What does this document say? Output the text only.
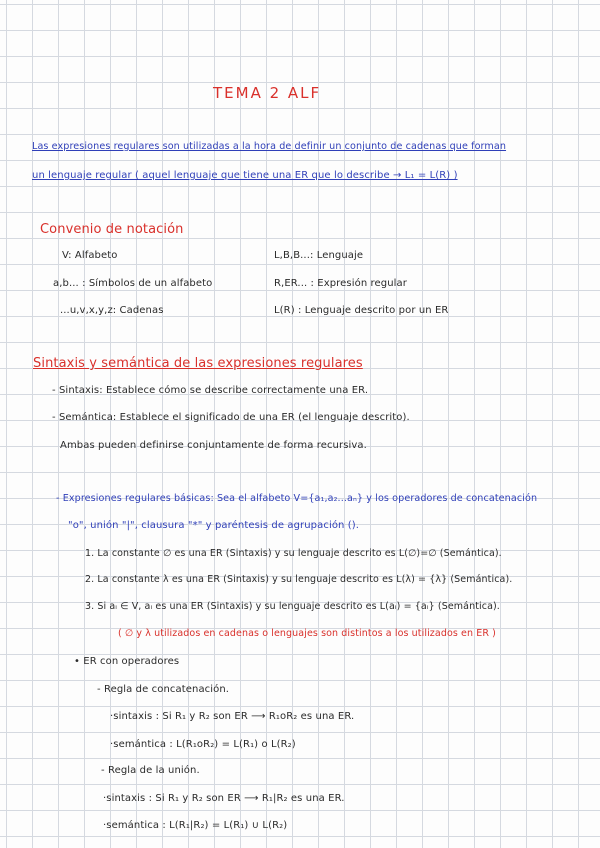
TEMA 2 ALF
Las expresiones regulares son utilizadas a la hora de definir un conjunto de cadenas que forman
un lenguaje regular ( aquel lenguaje que tiene una ER que lo describe → L₁ = L(R) )
Convenio de notación
V: Alfabeto	L,B,B...: Lenguaje
a,b... : Símbolos de un alfabeto	R,ER... : Expresión regular
...u,v,x,y,z: Cadenas	L(R) : Lenguaje descrito por un ER
Sintaxis y semántica de las expresiones regulares
- Sintaxis: Establece cómo se describe correctamente una ER.
- Semántica: Establece el significado de una ER (el lenguaje descrito).
Ambas pueden definirse conjuntamente de forma recursiva.
- Expresiones regulares básicas: Sea el alfabeto V={a₁,a₂...aₙ} y los operadores de concatenación
"o", unión "|", clausura "*" y paréntesis de agrupación ().
1. La constante ∅ es una ER (Sintaxis) y su lenguaje descrito es L(∅)=∅ (Semántica).
2. La constante λ es una ER (Sintaxis) y su lenguaje descrito es L(λ) = {λ} (Semántica).
3. Si aᵢ ∈ V, aᵢ es una ER (Sintaxis) y su lenguaje descrito es L(aᵢ) = {aᵢ} (Semántica).
( ∅ y λ utilizados en cadenas o lenguajes son distintos a los utilizados en ER )
• ER con operadores
- Regla de concatenación.
·sintaxis : Si R₁ y R₂ son ER ⟶ R₁oR₂ es una ER.
·semántica : L(R₁oR₂) = L(R₁) o L(R₂)
- Regla de la unión.
·sintaxis : Si R₁ y R₂ son ER ⟶ R₁|R₂ es una ER.
·semántica : L(R₁|R₂) = L(R₁) ∪ L(R₂)
